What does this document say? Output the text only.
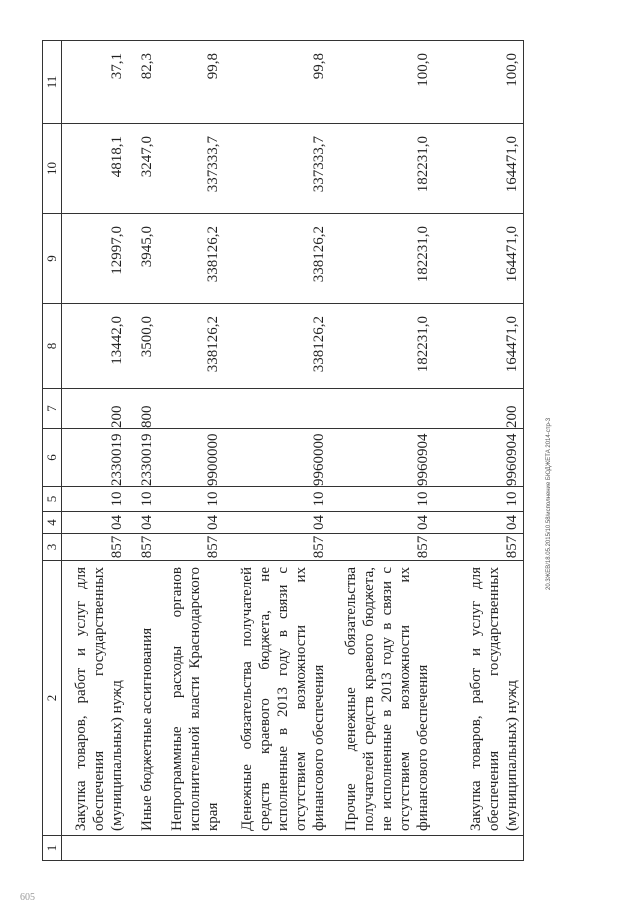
1	2	3	4	5	6	7	8	9	10	11
	Закупка товаров, работ и услуг для обеспечения государственных (муниципальных) нужд	857	04	10	2330019	200	13442,0	12997,0	4818,1	37,1
	Иные бюджетные ассигнования	857	04	10	2330019	800	3500,0	3945,0	3247,0	82,3
	Непрограммные расходы органов исполнительной власти Краснодарского края	857	04	10	9900000		338126,2	338126,2	337333,7	99,8
	Денежные обязательства получателей средств краевого бюджета, не исполненные в 2013 году в связи с отсутствием возможности их финансового обеспечения	857	04	10	9960000		338126,2	338126,2	337333,7	99,8
	Прочие денежные обязательства получателей средств краевого бюджета, не исполненные в 2013 году в связи с отсутствием возможности их финансового обеспечения	857	04	10	9960904		182231,0	182231,0	182231,0	100,0
	Закупка товаров, работ и услуг для обеспечения государственных (муниципальных) нужд	857	04	10	9960904	200	164471,0	164471,0	164471,0	100,0
20.3ЖЕВ/18.05.2015/10.58/исполнение БЮДЖЕТА 2014-стр-3
605
